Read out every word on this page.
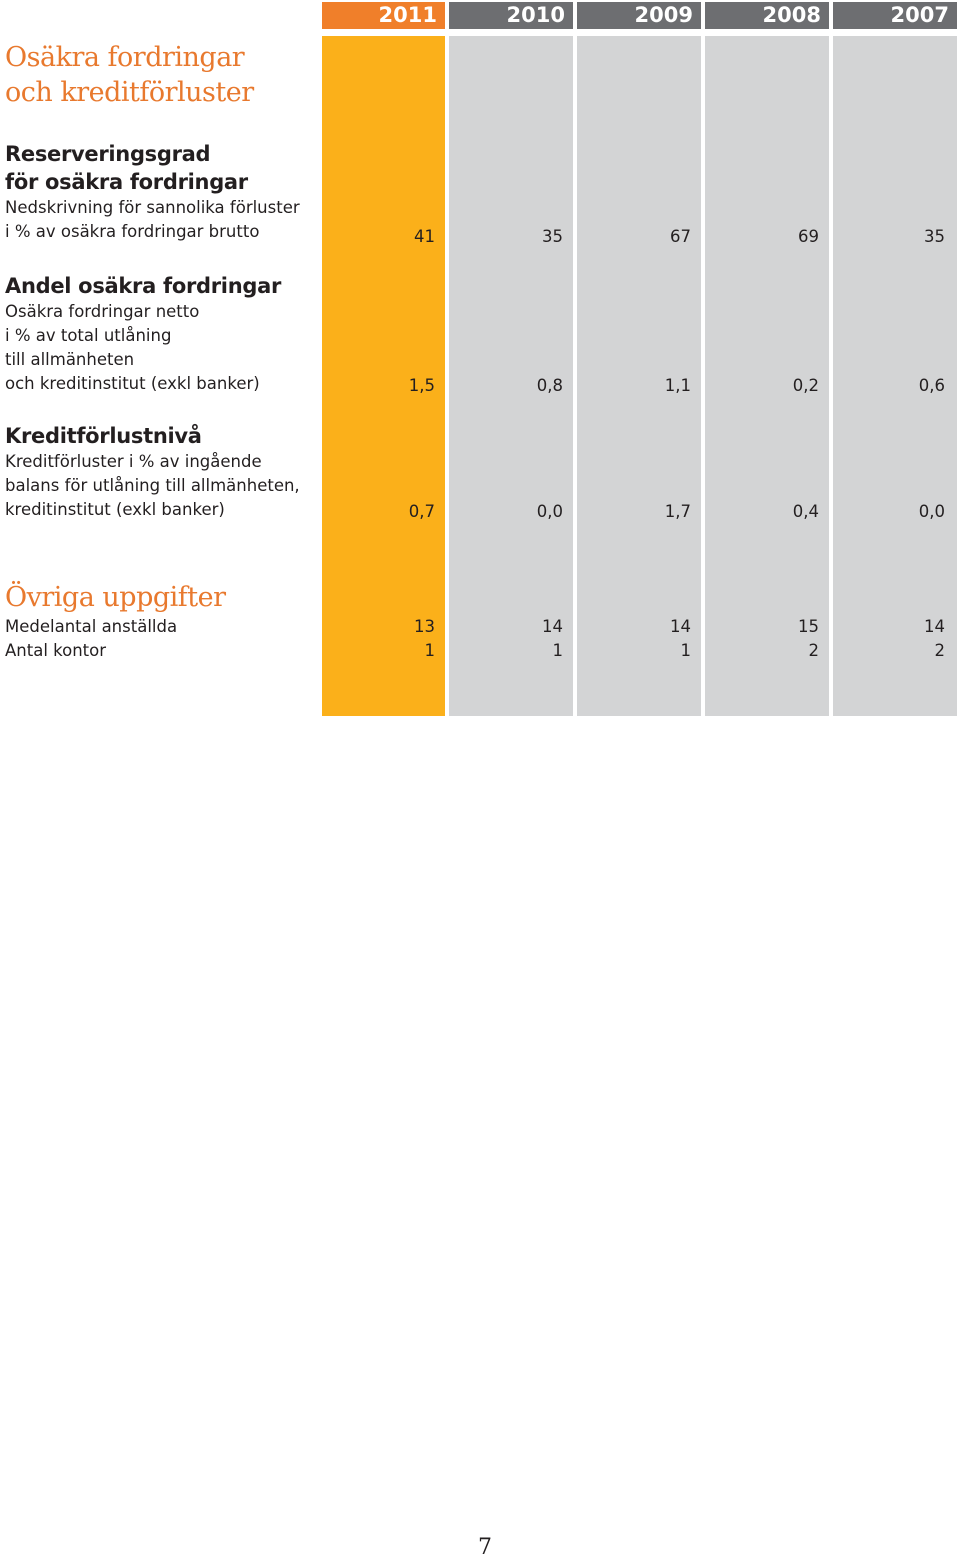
2011	2010	2009	2008	2007
Osäkra fordringar
och kreditförluster
Reserveringsgrad
för osäkra fordringar
Nedskrivning för sannolika förluster
i % av osäkra fordringar brutto	41	35	67	69	35
Andel osäkra fordringar
Osäkra fordringar netto
i % av total utlåning
till allmänheten
och kreditinstitut (exkl banker)	1,5	0,8	1,1	0,2	0,6
Kreditförlustnivå
Kreditförluster i % av ingående
balans för utlåning till allmänheten,
kreditinstitut (exkl banker)	0,7	0,0	1,7	0,4	0,0
Övriga uppgifter
Medelantal anställda	13	14	14	15	14
Antal kontor	1	1	1	2	2
7
